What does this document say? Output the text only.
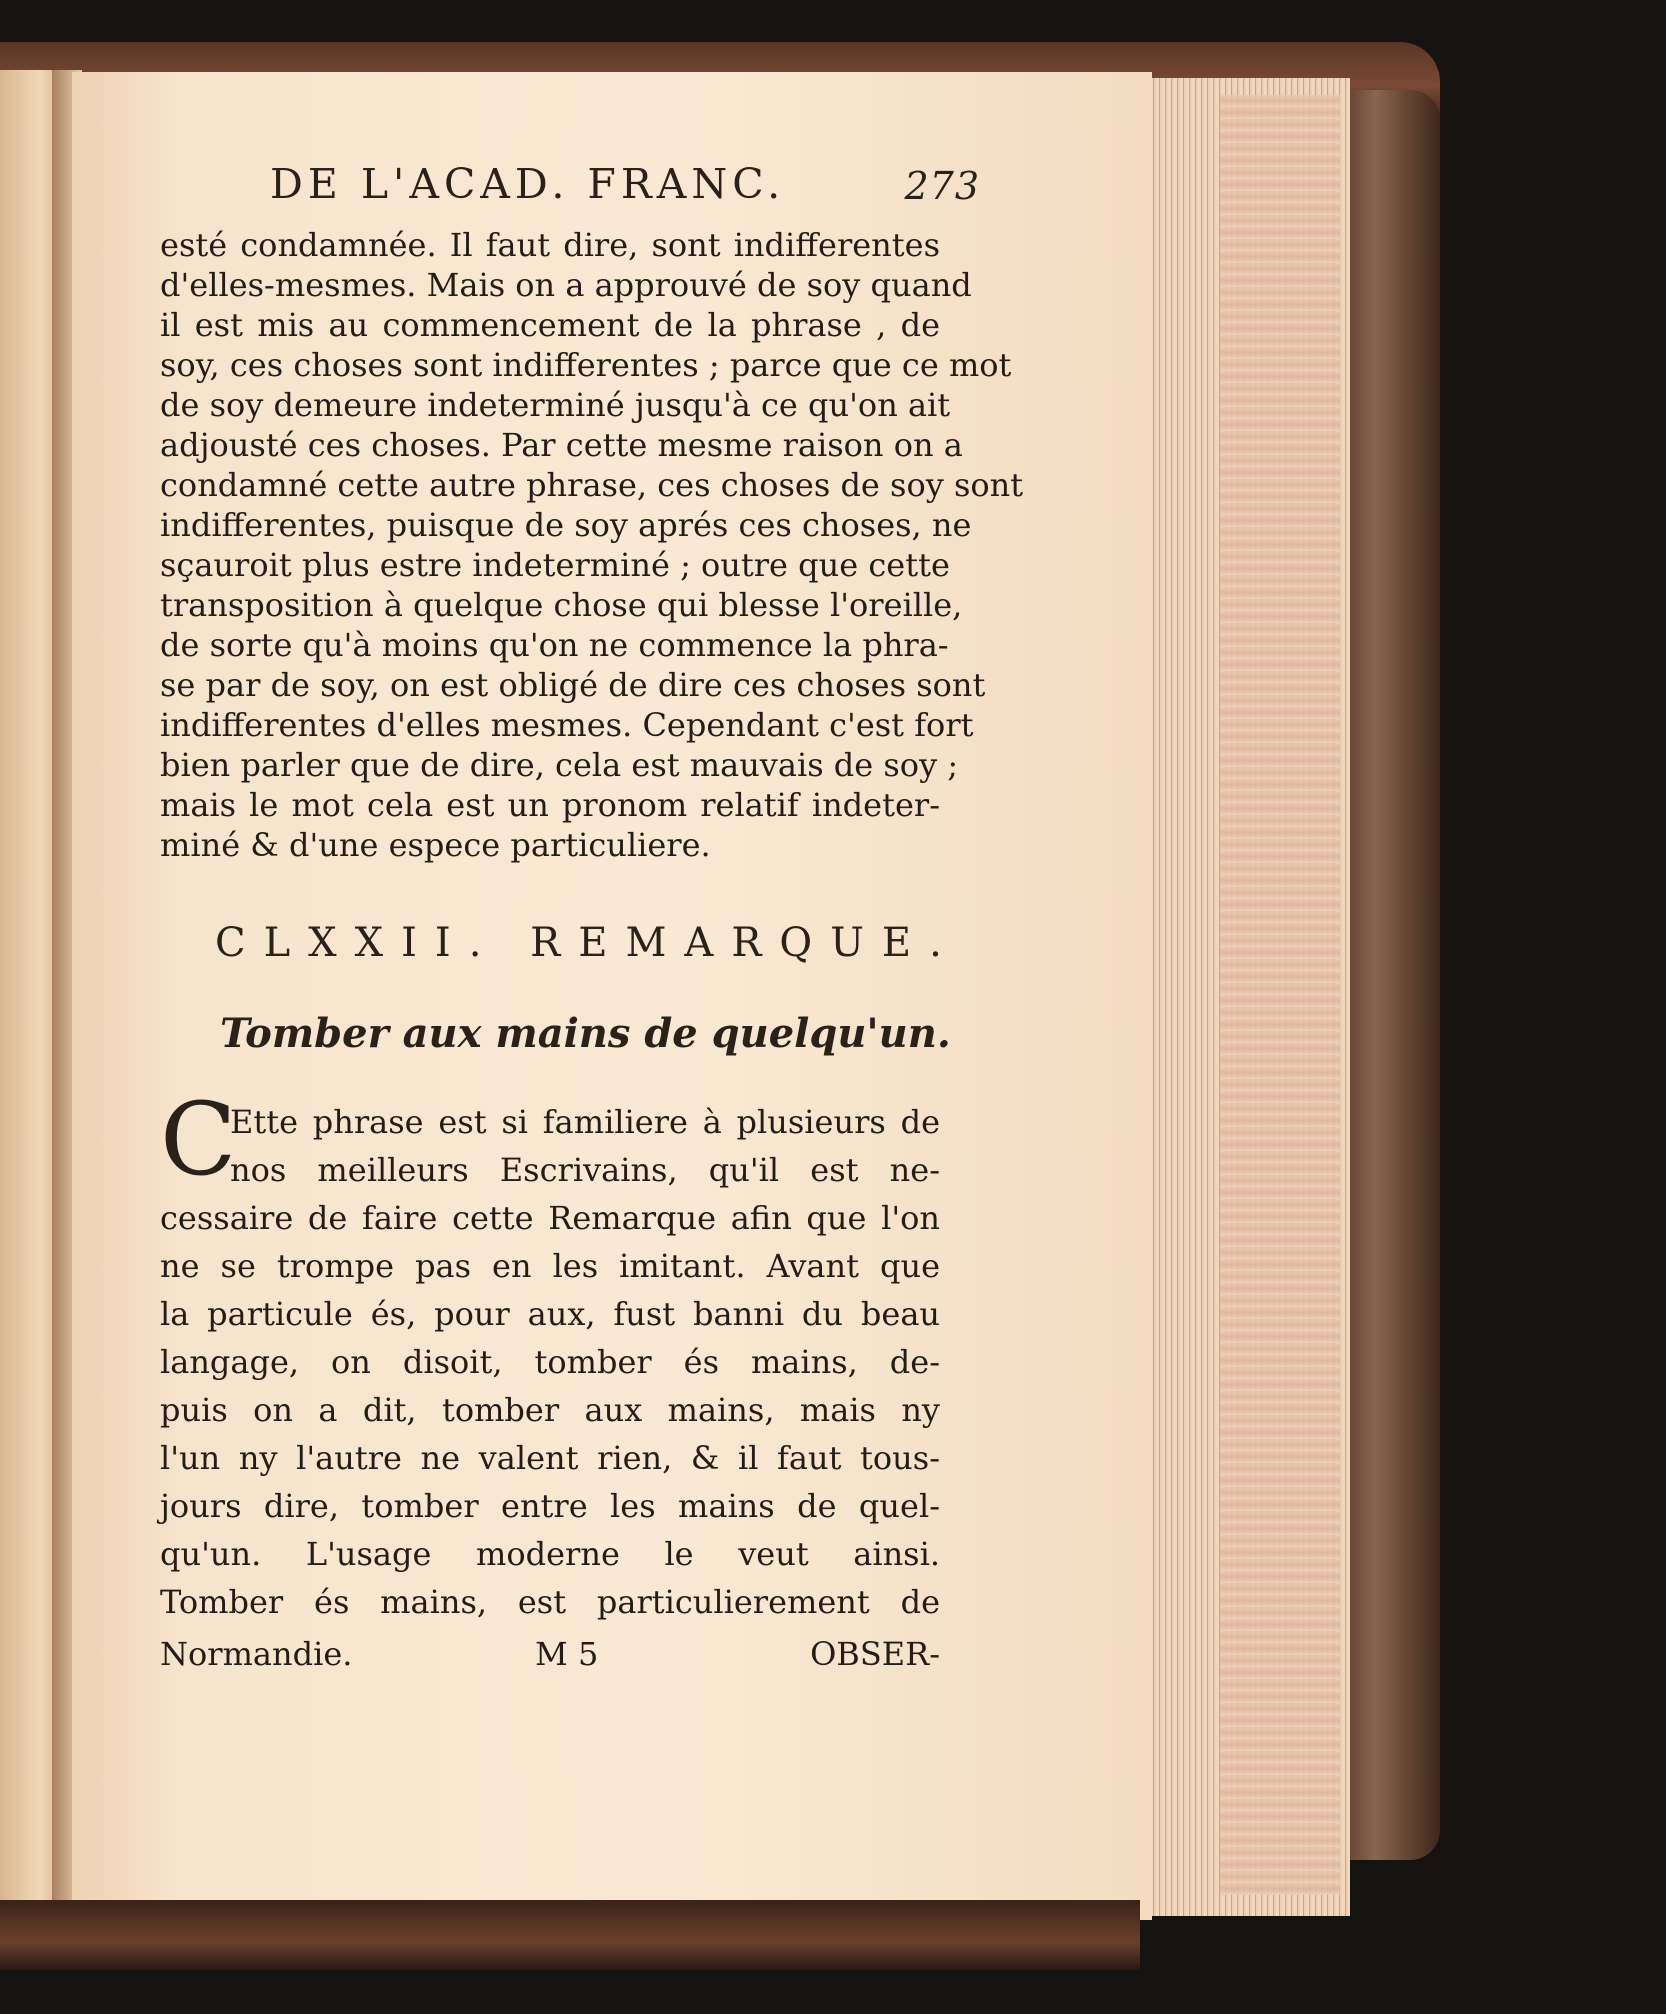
DE L'ACAD. FRANC.	273
esté condamnée. Il faut dire, sont indifferentes
d'elles-mesmes. Mais on a approuvé de soy quand
il est mis au commencement de la phrase , de
soy, ces choses sont indifferentes ; parce que ce mot
de soy demeure indeterminé jusqu'à ce qu'on ait
adjousté ces choses. Par cette mesme raison on a
condamné cette autre phrase, ces choses de soy sont
indifferentes, puisque de soy aprés ces choses, ne
sçauroit plus estre indeterminé ; outre que cette
transposition à quelque chose qui blesse l'oreille,
de sorte qu'à moins qu'on ne commence la phra-
se par de soy, on est obligé de dire ces choses sont
indifferentes d'elles mesmes. Cependant c'est fort
bien parler que de dire, cela est mauvais de soy ;
mais le mot cela est un pronom relatif indeter-
miné & d'une espece particuliere.
CLXXII. REMARQUE.
Tomber aux mains de quelqu'un.
C
Ette phrase est si familiere à plusieurs de
nos meilleurs Escrivains, qu'il est ne-
cessaire de faire cette Remarque afin que l'on
ne se trompe pas en les imitant. Avant que
la particule és, pour aux, fust banni du beau
langage, on disoit, tomber és mains, de-
puis on a dit, tomber aux mains, mais ny
l'un ny l'autre ne valent rien, & il faut tous-
jours dire, tomber entre les mains de quel-
qu'un. L'usage moderne le veut ainsi.
Tomber és mains, est particulierement de
Normandie.	M 5	OBSER-
